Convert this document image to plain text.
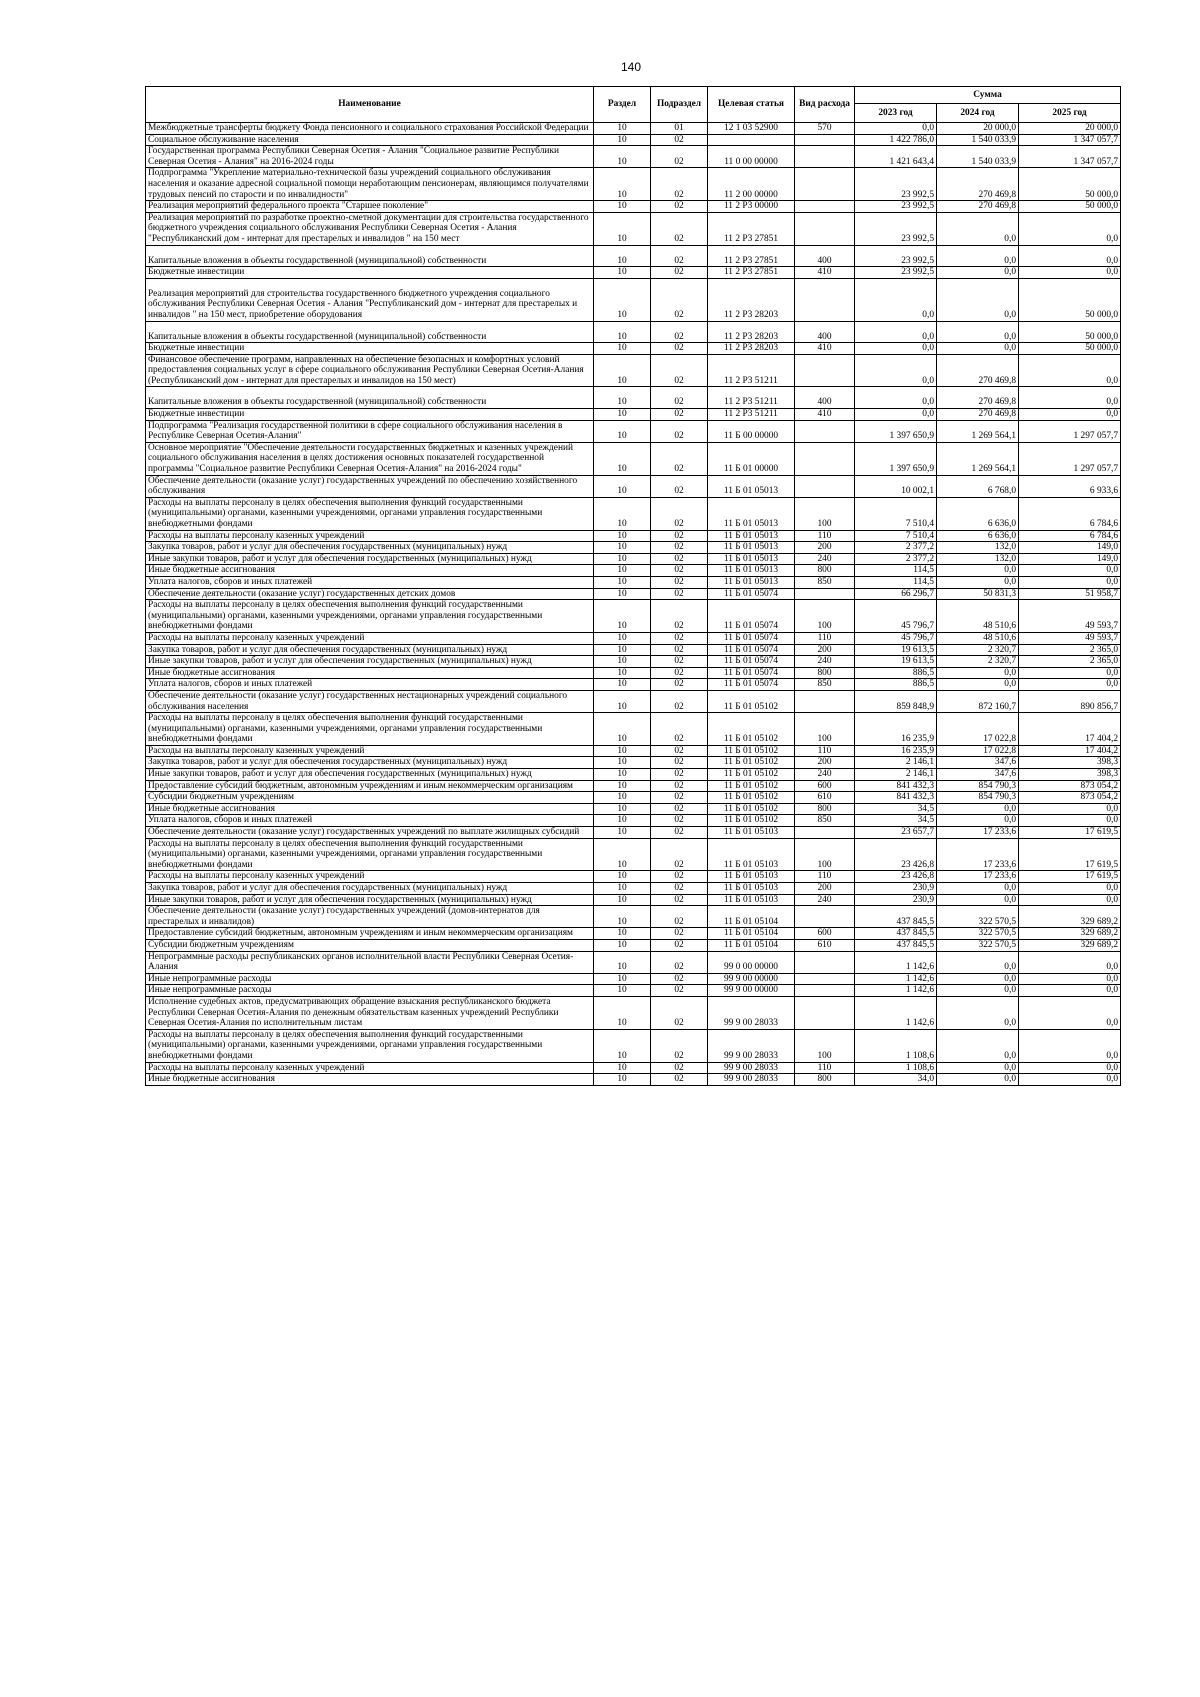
140
Наименование	Раздел	Подраздел	Целевая статья	Вид расхода	Сумма		
					2023 год	2024 год	2025 год
Межбюджетные трансферты бюджету Фонда пенсионного и социального страхования Российской Федерации	10	01	12 1 03 52900	570	0,0	20 000,0	20 000,0
Социальное обслуживание населения	10	02			1 422 786,0	1 540 033,9	1 347 057,7
Государственная программа Республики Северная Осетия - Алания "Социальное развитие Республики Северная Осетия - Алания" на 2016-2024 годы	10	02	11 0 00 00000		1 421 643,4	1 540 033,9	1 347 057,7
Подпрограмма "Укрепление материально-технической базы учреждений социального обслуживания населения и оказание адресной социальной помощи неработающим пенсионерам, являющимся получателями трудовых пенсий по старости и по инвалидности"	10	02	11 2 00 00000		23 992,5	270 469,8	50 000,0
Реализация мероприятий федерального проекта "Старшее поколение"	10	02	11 2 P3 00000		23 992,5	270 469,8	50 000,0
Реализация мероприятий по разработке проектно-сметной документации для строительства государственного бюджетного учреждения социального обслуживания Республики Северная Осетия - Алания "Республиканский дом - интернат для престарелых и инвалидов " на 150 мест	10	02	11 2 P3 27851		23 992,5	0,0	0,0
Капитальные вложения в объекты государственной (муниципальной) собственности	10	02	11 2 P3 27851	400	23 992,5	0,0	0,0
Бюджетные инвестиции	10	02	11 2 P3 27851	410	23 992,5	0,0	0,0
Реализация мероприятий для строительства государственного бюджетного учреждения социального обслуживания Республики Северная Осетия - Алания "Республиканский дом - интернат для престарелых и инвалидов " на 150 мест, приобретение оборудования	10	02	11 2 P3 28203		0,0	0,0	50 000,0
Капитальные вложения в объекты государственной (муниципальной) собственности	10	02	11 2 P3 28203	400	0,0	0,0	50 000,0
Бюджетные инвестиции	10	02	11 2 P3 28203	410	0,0	0,0	50 000,0
Финансовое обеспечение программ, направленных на обеспечение безопасных и комфортных условий предоставления социальных услуг в сфере социального обслуживания Республики Северная Осетия-Алания (Республиканский дом - интернат для престарелых и инвалидов на 150 мест)	10	02	11 2 P3 51211		0,0	270 469,8	0,0
Капитальные вложения в объекты государственной (муниципальной) собственности	10	02	11 2 P3 51211	400	0,0	270 469,8	0,0
Бюджетные инвестиции	10	02	11 2 P3 51211	410	0,0	270 469,8	0,0
Подпрограмма "Реализация государственной политики в сфере социального обслуживания населения в Республике Северная Осетия-Алания"	10	02	11 Б 00 00000		1 397 650,9	1 269 564,1	1 297 057,7
Основное мероприятие "Обеспечение деятельности государственных бюджетных и казенных учреждений социального обслуживания населения в целях достижения основных показателей государственной программы "Социальное развитие Республики Северная Осетия-Алания" на 2016-2024 годы"	10	02	11 Б 01 00000		1 397 650,9	1 269 564,1	1 297 057,7
Обеспечение деятельности (оказание услуг) государственных учреждений по обеспечению хозяйственного обслуживания	10	02	11 Б 01 05013		10 002,1	6 768,0	6 933,6
Расходы на выплаты персоналу в целях обеспечения выполнения функций государственными (муниципальными) органами, казенными учреждениями, органами управления государственными внебюджетными фондами	10	02	11 Б 01 05013	100	7 510,4	6 636,0	6 784,6
Расходы на выплаты персоналу казенных учреждений	10	02	11 Б 01 05013	110	7 510,4	6 636,0	6 784,6
Закупка товаров, работ и услуг для обеспечения государственных (муниципальных) нужд	10	02	11 Б 01 05013	200	2 377,2	132,0	149,0
Иные закупки товаров, работ и услуг для обеспечения государственных (муниципальных) нужд	10	02	11 Б 01 05013	240	2 377,2	132,0	149,0
Иные бюджетные ассигнования	10	02	11 Б 01 05013	800	114,5	0,0	0,0
Уплата налогов, сборов и иных платежей	10	02	11 Б 01 05013	850	114,5	0,0	0,0
Обеспечение деятельности (оказание услуг) государственных детских домов	10	02	11 Б 01 05074		66 296,7	50 831,3	51 958,7
Расходы на выплаты персоналу в целях обеспечения выполнения функций государственными (муниципальными) органами, казенными учреждениями, органами управления государственными внебюджетными фондами	10	02	11 Б 01 05074	100	45 796,7	48 510,6	49 593,7
Расходы на выплаты персоналу казенных учреждений	10	02	11 Б 01 05074	110	45 796,7	48 510,6	49 593,7
Закупка товаров, работ и услуг для обеспечения государственных (муниципальных) нужд	10	02	11 Б 01 05074	200	19 613,5	2 320,7	2 365,0
Иные закупки товаров, работ и услуг для обеспечения государственных (муниципальных) нужд	10	02	11 Б 01 05074	240	19 613,5	2 320,7	2 365,0
Иные бюджетные ассигнования	10	02	11 Б 01 05074	800	886,5	0,0	0,0
Уплата налогов, сборов и иных платежей	10	02	11 Б 01 05074	850	886,5	0,0	0,0
Обеспечение деятельности (оказание услуг) государственных нестационарных учреждений социального обслуживания населения	10	02	11 Б 01 05102		859 848,9	872 160,7	890 856,7
Расходы на выплаты персоналу в целях обеспечения выполнения функций государственными (муниципальными) органами, казенными учреждениями, органами управления государственными внебюджетными фондами	10	02	11 Б 01 05102	100	16 235,9	17 022,8	17 404,2
Расходы на выплаты персоналу казенных учреждений	10	02	11 Б 01 05102	110	16 235,9	17 022,8	17 404,2
Закупка товаров, работ и услуг для обеспечения государственных (муниципальных) нужд	10	02	11 Б 01 05102	200	2 146,1	347,6	398,3
Иные закупки товаров, работ и услуг для обеспечения государственных (муниципальных) нужд	10	02	11 Б 01 05102	240	2 146,1	347,6	398,3
Предоставление субсидий бюджетным, автономным учреждениям и иным некоммерческим организациям	10	02	11 Б 01 05102	600	841 432,3	854 790,3	873 054,2
Субсидии бюджетным учреждениям	10	02	11 Б 01 05102	610	841 432,3	854 790,3	873 054,2
Иные бюджетные ассигнования	10	02	11 Б 01 05102	800	34,5	0,0	0,0
Уплата налогов, сборов и иных платежей	10	02	11 Б 01 05102	850	34,5	0,0	0,0
Обеспечение деятельности (оказание услуг) государственных учреждений по выплате жилищных субсидий	10	02	11 Б 01 05103		23 657,7	17 233,6	17 619,5
Расходы на выплаты персоналу в целях обеспечения выполнения функций государственными (муниципальными) органами, казенными учреждениями, органами управления государственными внебюджетными фондами	10	02	11 Б 01 05103	100	23 426,8	17 233,6	17 619,5
Расходы на выплаты персоналу казенных учреждений	10	02	11 Б 01 05103	110	23 426,8	17 233,6	17 619,5
Закупка товаров, работ и услуг для обеспечения государственных (муниципальных) нужд	10	02	11 Б 01 05103	200	230,9	0,0	0,0
Иные закупки товаров, работ и услуг для обеспечения государственных (муниципальных) нужд	10	02	11 Б 01 05103	240	230,9	0,0	0,0
Обеспечение деятельности (оказание услуг) государственных учреждений (домов-интернатов для престарелых и инвалидов)	10	02	11 Б 01 05104		437 845,5	322 570,5	329 689,2
Предоставление субсидий бюджетным, автономным учреждениям и иным некоммерческим организациям	10	02	11 Б 01 05104	600	437 845,5	322 570,5	329 689,2
Субсидии бюджетным учреждениям	10	02	11 Б 01 05104	610	437 845,5	322 570,5	329 689,2
Непрограммные расходы республиканских органов исполнительной власти Республики Северная Осетия-Алания	10	02	99 0 00 00000		1 142,6	0,0	0,0
Иные непрограммные расходы	10	02	99 9 00 00000		1 142,6	0,0	0,0
Иные непрограммные расходы	10	02	99 9 00 00000		1 142,6	0,0	0,0
Исполнение судебных актов, предусматривающих обращение взыскания республиканского бюджета Республики Северная Осетия-Алания по денежным обязательствам казенных учреждений Республики Северная Осетия-Алания по исполнительным листам	10	02	99 9 00 28033		1 142,6	0,0	0,0
Расходы на выплаты персоналу в целях обеспечения выполнения функций государственными (муниципальными) органами, казенными учреждениями, органами управления государственными внебюджетными фондами	10	02	99 9 00 28033	100	1 108,6	0,0	0,0
Расходы на выплаты персоналу казенных учреждений	10	02	99 9 00 28033	110	1 108,6	0,0	0,0
Иные бюджетные ассигнования	10	02	99 9 00 28033	800	34,0	0,0	0,0
